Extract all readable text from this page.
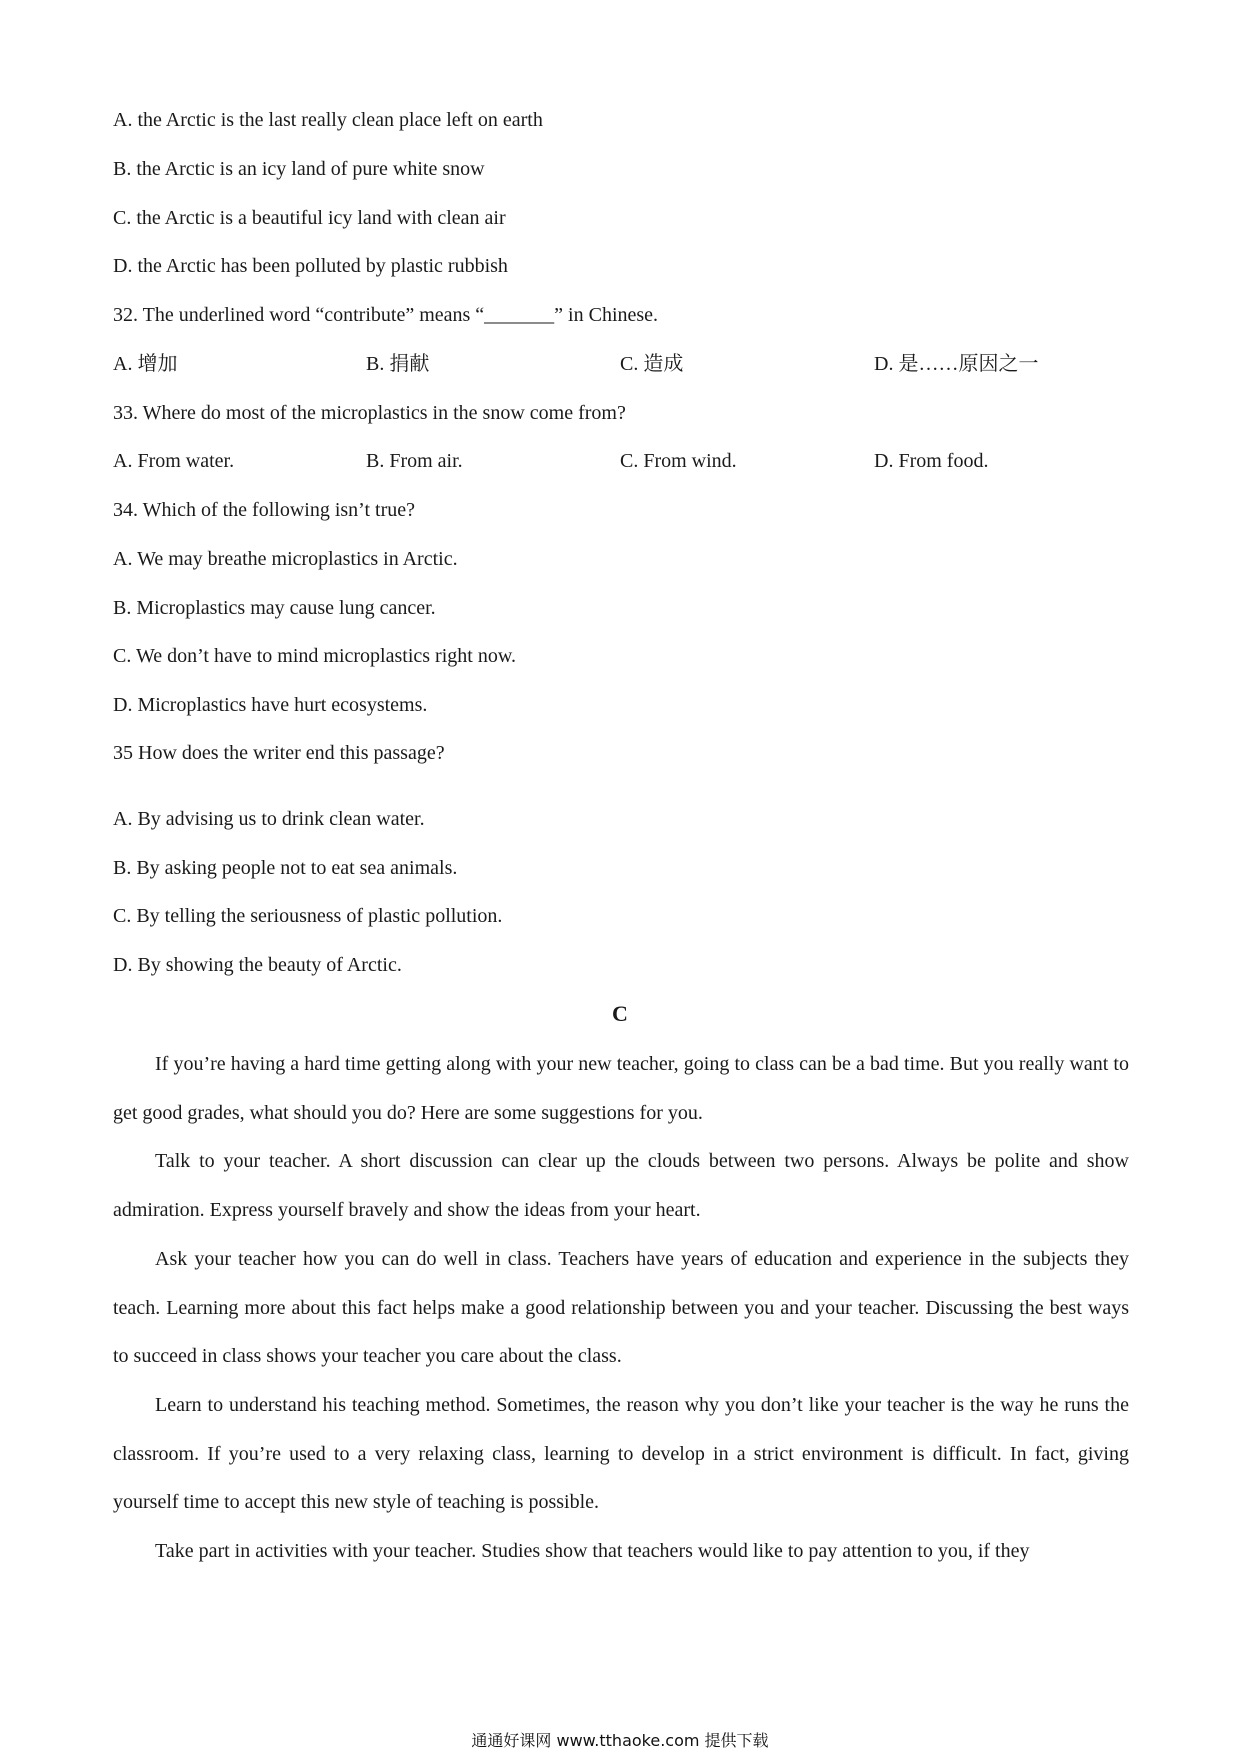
A. the Arctic is the last really clean place left on earth
B. the Arctic is an icy land of pure white snow
C. the Arctic is a beautiful icy land with clean air
D. the Arctic has been polluted by plastic rubbish
32. The underlined word “contribute” means “_______” in Chinese.
A. 增加	B. 捐献	C. 造成	D. 是……原因之一
33. Where do most of the microplastics in the snow come from?
A. From water.	B. From air.	C. From wind.	D. From food.
34. Which of the following isn’t true?
A. We may breathe microplastics in Arctic.
B. Microplastics may cause lung cancer.
C. We don’t have to mind microplastics right now.
D. Microplastics have hurt ecosystems.
35 How does the writer end this passage?
A. By advising us to drink clean water.
B. By asking people not to eat sea animals.
C. By telling the seriousness of plastic pollution.
D. By showing the beauty of Arctic.
C

If you’re having a hard time getting along with your new teacher, going to class can be a bad time. But you really want to get good grades, what should you do? Here are some suggestions for you.

Talk to your teacher. A short discussion can clear up the clouds between two persons. Always be polite and show admiration. Express yourself bravely and show the ideas from your heart.

Ask your teacher how you can do well in class. Teachers have years of education and experience in the subjects they teach. Learning more about this fact helps make a good relationship between you and your teacher. Discussing the best ways to succeed in class shows your teacher you care about the class.

Learn to understand his teaching method. Sometimes, the reason why you don’t like your teacher is the way he runs the classroom. If you’re used to a very relaxing class, learning to develop in a strict environment is difficult. In fact, giving yourself time to accept this new style of teaching is possible.

Take part in activities with your teacher. Studies show that teachers would like to pay attention to you, if they

通通好课网 www.tthaoke.com 提供下载
